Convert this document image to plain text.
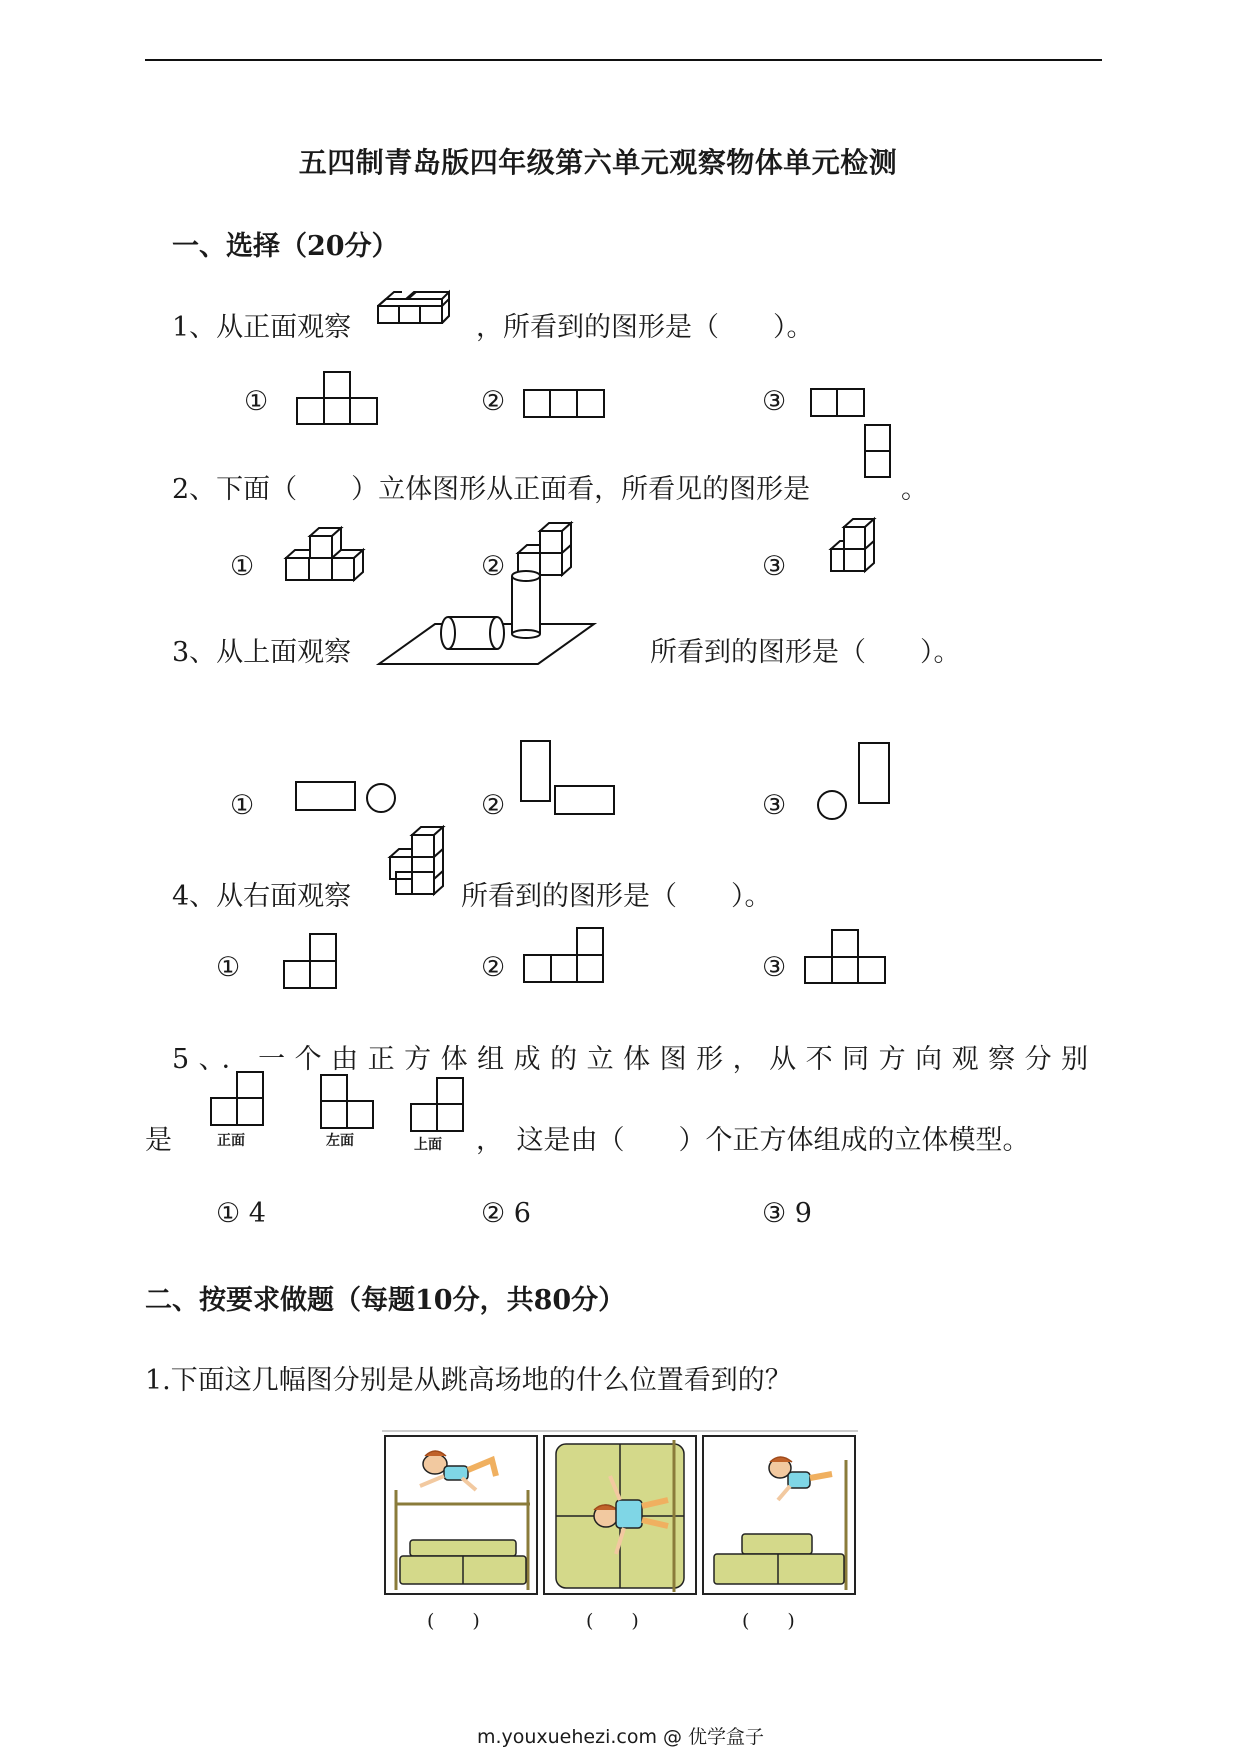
五四制青岛版四年级第六单元观察物体单元检测
一、选择（20分）
1、从正面观察	，所看到的图形是（　　）。
①	②	③
2、下面（　　）立体图形从正面看，所看见的图形是	。
①	②	③
3、从上面观察	所看到的图形是（　　）。
①	②	③
4、从右面观察	所看到的图形是（　　）。
①	②	③
5、．一个由正方体组成的立体图形，从不同方向观察分别
是	正面	左面	上面 ，　这是由（　　）个正方体组成的立体模型。
① 4	② 6	③ 9
二、按要求做题（每题10分，共80分）
1.下面这几幅图分别是从跳高场地的什么位置看到的？
(　　)	(　　)	(　　)
m.youxuehezi.com @ 优学盒子
